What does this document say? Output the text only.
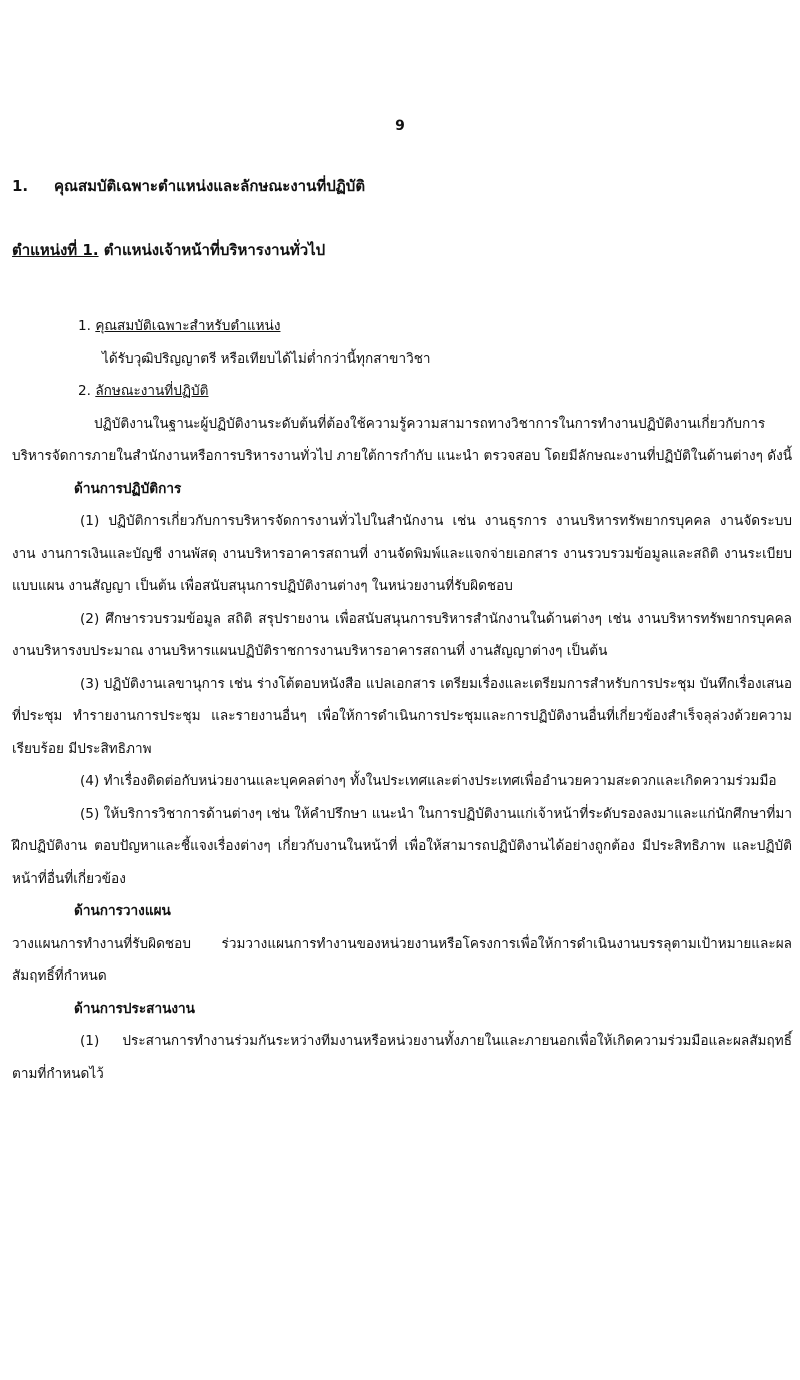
9
1. คุณสมบัติเฉพาะตำแหน่งและลักษณะงานที่ปฏิบัติ
ตำแหน่งที่ 1. ตำแหน่งเจ้าหน้าที่บริหารงานทั่วไป

1. คุณสมบัติเฉพาะสำหรับตำแหน่ง

ได้รับวุฒิปริญญาตรี หรือเทียบได้ไม่ต่ำกว่านี้ทุกสาขาวิชา

2. ลักษณะงานที่ปฏิบัติ

ปฏิบัติงานในฐานะผู้ปฏิบัติงานระดับต้นที่ต้องใช้ความรู้ความสามารถทางวิชาการในการทำงานปฏิบัติงานเกี่ยวกับการบริหารจัดการภายในสำนักงานหรือการบริหารงานทั่วไป ภายใต้การกำกับ แนะนำ ตรวจสอบ โดยมีลักษณะงานที่ปฏิบัติในด้านต่างๆ ดังนี้

ด้านการปฏิบัติการ

(1) ปฏิบัติการเกี่ยวกับการบริหารจัดการงานทั่วไปในสำนักงาน เช่น งานธุรการ งานบริหารทรัพยากรบุคคล งานจัดระบบงาน งานการเงินและบัญชี งานพัสดุ งานบริหารอาคารสถานที่ งานจัดพิมพ์และแจกจ่ายเอกสาร งานรวบรวมข้อมูลและสถิติ งานระเบียบแบบแผน งานสัญญา เป็นต้น เพื่อสนับสนุนการปฏิบัติงานต่างๆ ในหน่วยงานที่รับผิดชอบ

(2) ศึกษารวบรวมข้อมูล สถิติ สรุปรายงาน เพื่อสนับสนุนการบริหารสำนักงานในด้านต่างๆ เช่น งานบริหารทรัพยากรบุคคล งานบริหารงบประมาณ งานบริหารแผนปฏิบัติราชการงานบริหารอาคารสถานที่ งานสัญญาต่างๆ เป็นต้น

(3) ปฏิบัติงานเลขานุการ เช่น ร่างโต้ตอบหนังสือ แปลเอกสาร เตรียมเรื่องและเตรียมการสำหรับการประชุม บันทึกเรื่องเสนอที่ประชุม ทำรายงานการประชุม และรายงานอื่นๆ เพื่อให้การดำเนินการประชุมและการปฏิบัติงานอื่นที่เกี่ยวข้องสำเร็จลุล่วงด้วยความเรียบร้อย มีประสิทธิภาพ

(4) ทำเรื่องติดต่อกับหน่วยงานและบุคคลต่างๆ ทั้งในประเทศและต่างประเทศเพื่ออำนวยความสะดวกและเกิดความร่วมมือ

(5) ให้บริการวิชาการด้านต่างๆ เช่น ให้คำปรึกษา แนะนำ ในการปฏิบัติงานแก่เจ้าหน้าที่ระดับรองลงมาและแก่นักศึกษาที่มาฝึกปฏิบัติงาน ตอบปัญหาและชี้แจงเรื่องต่างๆ เกี่ยวกับงานในหน้าที่ เพื่อให้สามารถปฏิบัติงานได้อย่างถูกต้อง มีประสิทธิภาพ และปฏิบัติหน้าที่อื่นที่เกี่ยวข้อง

ด้านการวางแผน

วางแผนการทำงานที่รับผิดชอบ ร่วมวางแผนการทำงานของหน่วยงานหรือโครงการเพื่อให้การดำเนินงานบรรลุตามเป้าหมายและผลสัมฤทธิ์ที่กำหนด

ด้านการประสานงาน

(1) ประสานการทำงานร่วมกันระหว่างทีมงานหรือหน่วยงานทั้งภายในและภายนอกเพื่อให้เกิดความร่วมมือและผลสัมฤทธิ์ตามที่กำหนดไว้
